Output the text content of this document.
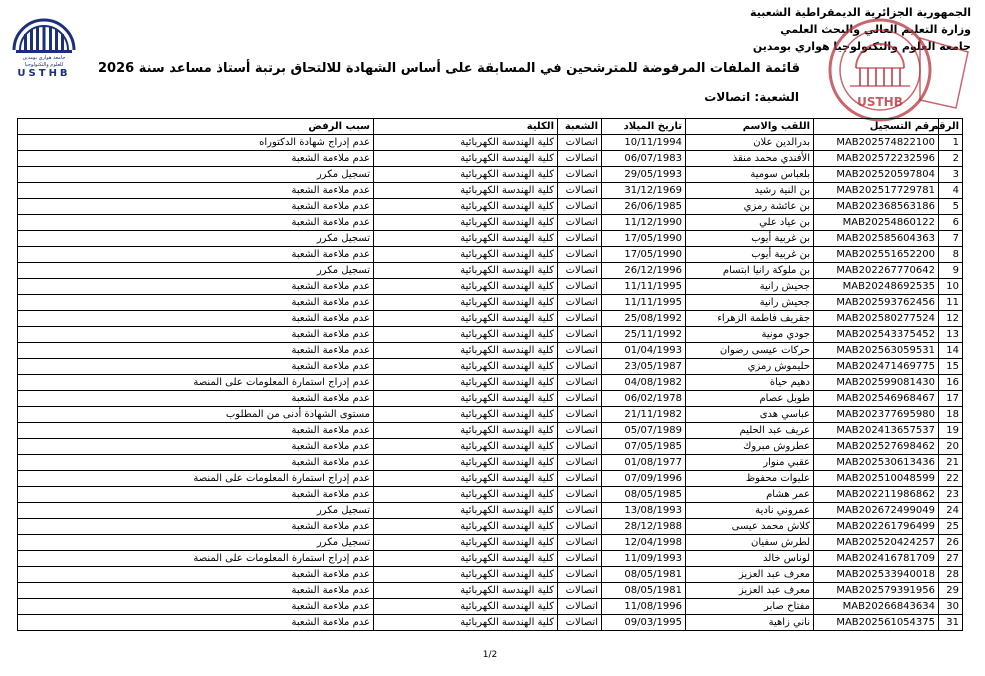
جامعة هواري بومدين
للعلوم والتكنولوجيا
USTHB
الجمهورية الجزائرية الديمقراطية الشعبية
وزارة التعليم العالي والبحث العلمي
جامعة العلوم والتكنولوجيا هواري بومدين
قائمة الملفات المرفوضة للمترشحين في المسابقة على أساس الشهادة للالتحاق برتبة أستاذ مساعد سنة 2026
الشعبة: اتصالات	USTHB
الرقم	رقم التسجيل	اللقب والاسم	تاريخ الميلاد	الشعبة	الكلية	سبب الرفض
1	MAB202574822100	بدرالدين علان	10/11/1994	اتصالات	كلية الهندسة الكهربائية	عدم إدراج شهادة الدكتوراه
2	MAB202572232596	الأفندي محمد منقذ	06/07/1983	اتصالات	كلية الهندسة الكهربائية	عدم ملاءمة الشعبة
3	MAB202520597804	بلعباس سومية	29/05/1993	اتصالات	كلية الهندسة الكهربائية	تسجيل مكرر
4	MAB202517729781	بن النية رشيد	31/12/1969	اتصالات	كلية الهندسة الكهربائية	عدم ملاءمة الشعبة
5	MAB202368563186	بن عائشة رمزي	26/06/1985	اتصالات	كلية الهندسة الكهربائية	عدم ملاءمة الشعبة
6	MAB20254860122	بن عياد علي	11/12/1990	اتصالات	كلية الهندسة الكهربائية	عدم ملاءمة الشعبة
7	MAB202585604363	بن غربية أيوب	17/05/1990	اتصالات	كلية الهندسة الكهربائية	تسجيل مكرر
8	MAB202551652200	بن غربية أيوب	17/05/1990	اتصالات	كلية الهندسة الكهربائية	عدم ملاءمة الشعبة
9	MAB202267770642	بن ملوكة رانيا ابتسام	26/12/1996	اتصالات	كلية الهندسة الكهربائية	تسجيل مكرر
10	MAB20248692535	جحيش رانية	11/11/1995	اتصالات	كلية الهندسة الكهربائية	عدم ملاءمة الشعبة
11	MAB202593762456	جحيش رانية	11/11/1995	اتصالات	كلية الهندسة الكهربائية	عدم ملاءمة الشعبة
12	MAB202580277524	جقريف فاطمة الزهراء	25/08/1992	اتصالات	كلية الهندسة الكهربائية	عدم ملاءمة الشعبة
13	MAB202543375452	جودي مونية	25/11/1992	اتصالات	كلية الهندسة الكهربائية	عدم ملاءمة الشعبة
14	MAB202563059531	حركات عيسى رضوان	01/04/1993	اتصالات	كلية الهندسة الكهربائية	عدم ملاءمة الشعبة
15	MAB202471469775	حليموش رمزي	23/05/1987	اتصالات	كلية الهندسة الكهربائية	عدم ملاءمة الشعبة
16	MAB202599081430	دهيم حياة	04/08/1982	اتصالات	كلية الهندسة الكهربائية	عدم إدراج استمارة المعلومات على المنصة
17	MAB202546968467	طوبل عصام	06/02/1978	اتصالات	كلية الهندسة الكهربائية	عدم ملاءمة الشعبة
18	MAB202377695980	عباسي هدى	21/11/1982	اتصالات	كلية الهندسة الكهربائية	مستوى الشهادة أدنى من المطلوب
19	MAB202413657537	عريف عبد الحليم	05/07/1989	اتصالات	كلية الهندسة الكهربائية	عدم ملاءمة الشعبة
20	MAB202527698462	عطروش مبروك	07/05/1985	اتصالات	كلية الهندسة الكهربائية	عدم ملاءمة الشعبة
21	MAB202530613436	عقبي منوار	01/08/1977	اتصالات	كلية الهندسة الكهربائية	عدم ملاءمة الشعبة
22	MAB202510048599	عليوات محفوظ	07/09/1996	اتصالات	كلية الهندسة الكهربائية	عدم إدراج استمارة المعلومات على المنصة
23	MAB202211986862	عمر هشام	08/05/1985	اتصالات	كلية الهندسة الكهربائية	عدم ملاءمة الشعبة
24	MAB202672499049	عمروني نادية	13/08/1993	اتصالات	كلية الهندسة الكهربائية	تسجيل مكرر
25	MAB202261796499	كلاش محمد عيسى	28/12/1988	اتصالات	كلية الهندسة الكهربائية	عدم ملاءمة الشعبة
26	MAB202520424257	لطرش سفيان	12/04/1998	اتصالات	كلية الهندسة الكهربائية	تسجيل مكرر
27	MAB202416781709	لوناس خالد	11/09/1993	اتصالات	كلية الهندسة الكهربائية	عدم إدراج استمارة المعلومات على المنصة
28	MAB202533940018	معرف عبد العزيز	08/05/1981	اتصالات	كلية الهندسة الكهربائية	عدم ملاءمة الشعبة
29	MAB202579391956	معرف عبد العزيز	08/05/1981	اتصالات	كلية الهندسة الكهربائية	عدم ملاءمة الشعبة
30	MAB20266843634	مفتاح صابر	11/08/1996	اتصالات	كلية الهندسة الكهربائية	عدم ملاءمة الشعبة
31	MAB202561054375	ناني زاهية	09/03/1995	اتصالات	كلية الهندسة الكهربائية	عدم ملاءمة الشعبة
1/2
